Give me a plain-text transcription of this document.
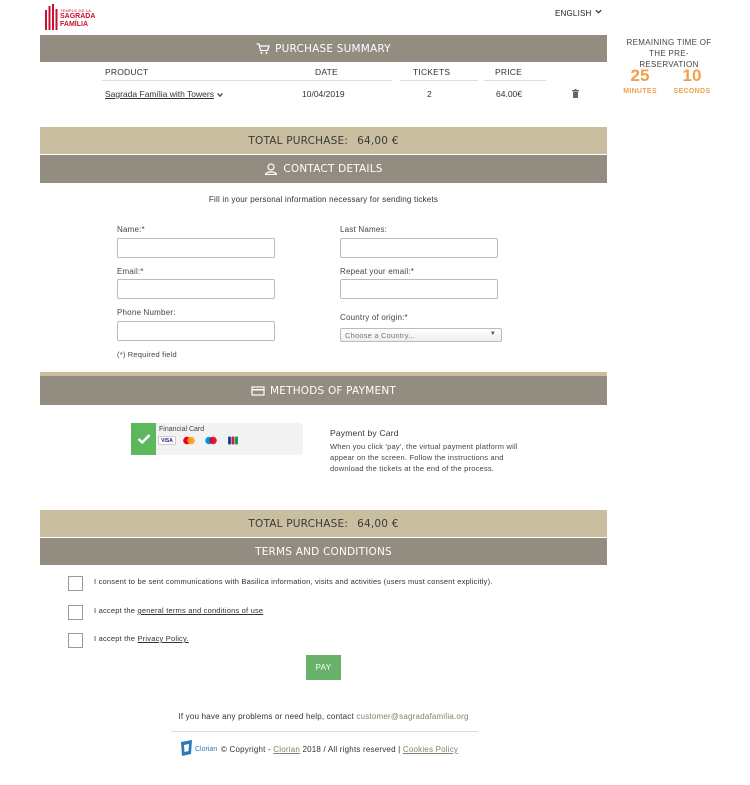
TEMPLE DE LA
SAGRADA
FAMÍLIA
ENGLISH
REMAINING TIME OF THE PRE-RESERVATION
25
MINUTES
10
SECONDS
PURCHASE SUMMARY
PRODUCT	DATE	TICKETS	PRICE
Sagrada Família with Towers	10/04/2019	2	64.00€
TOTAL PURCHASE: 64,00 €
CONTACT DETAILS
Fill in your personal information necessary for sending tickets
Name:*	Last Names:
Email:*	Repeat your email:*
Phone Number:
Country of origin:*
Choose a Country...	▼
(*) Required field
METHODS OF PAYMENT
Financial Card
VISA
Payment by Card
When you click 'pay', the virtual payment platform will appear on the screen. Follow the instructions and download the tickets at the end of the process.
TOTAL PURCHASE: 64,00 €
TERMS AND CONDITIONS
I consent to be sent communications with Basilica information, visits and activities (users must consent explicitly).
I accept the general terms and conditions of use
I accept the Privacy Policy.
PAY
If you have any problems or need help, contact customer@sagradafamilia.org
Clorian © Copyright - Clorian 2018 / All rights reserved | Cookies Policy
